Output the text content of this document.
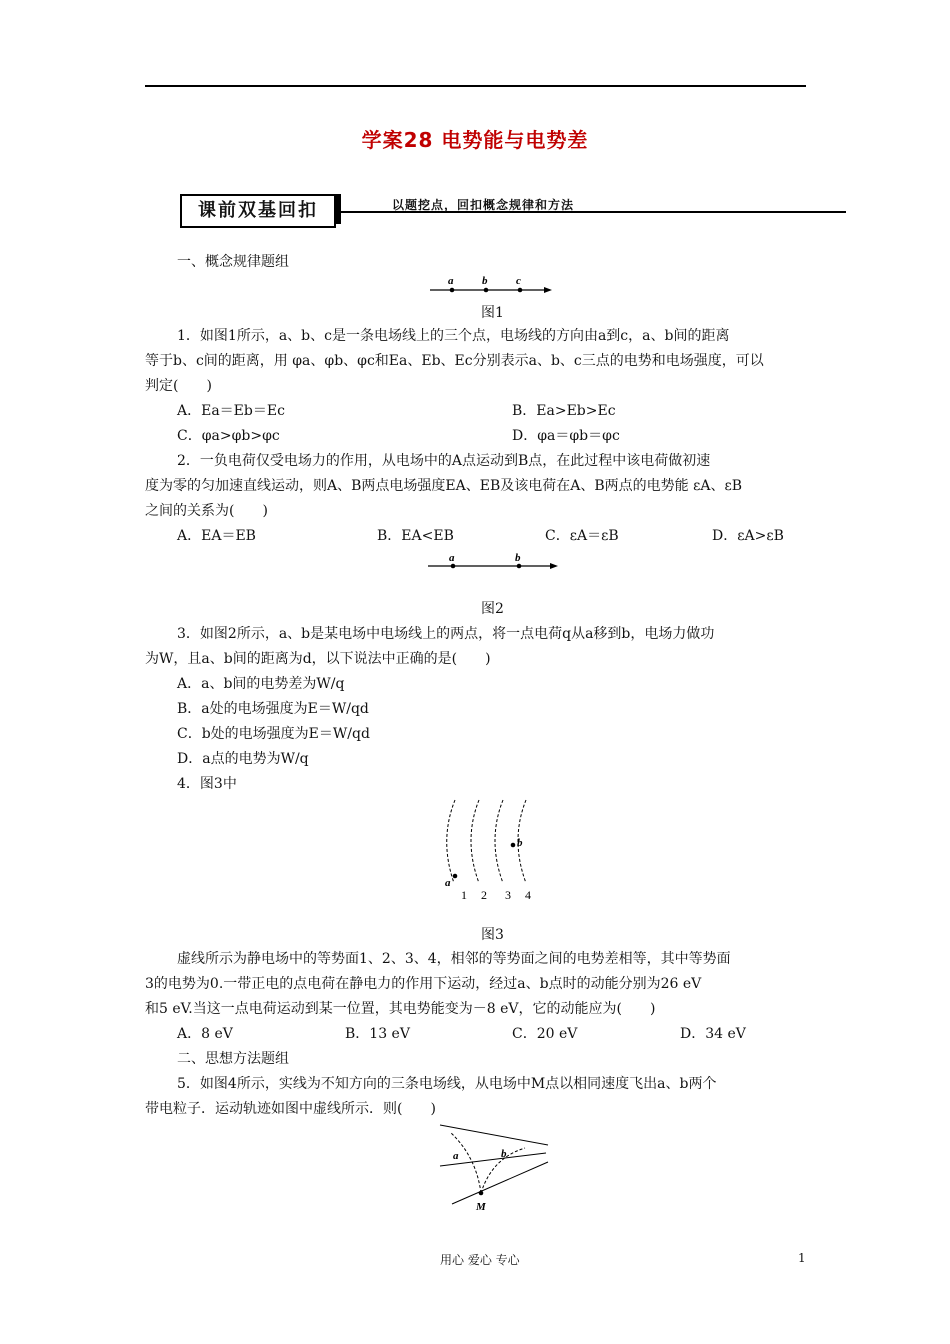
学案28 电势能与电势差
课前双基回扣	以题挖点，回扣概念规律和方法
一、概念规律题组
a	b	c
图1
1．如图1所示，a、b、c是一条电场线上的三个点，电场线的方向由a到c，a、b间的距离
等于b、c间的距离，用 φa、φb、φc和Ea、Eb、Ec分别表示a、b、c三点的电势和电场强度，可以
判定(　　)
A．Ea＝Eb＝Ec	B．Ea>Eb>Ec
C．φa>φb>φc	D．φa＝φb＝φc
2．一负电荷仅受电场力的作用，从电场中的A点运动到B点，在此过程中该电荷做初速
度为零的匀加速直线运动，则A、B两点电场强度EA、EB及该电荷在A、B两点的电势能 εA、εB
之间的关系为(　　)
A．EA＝EB	B．EA<EB	C．εA＝εB	D．εA>εB
a	b
图2
3．如图2所示，a、b是某电场中电场线上的两点，将一点电荷q从a移到b，电场力做功
为W，且a、b间的距离为d，以下说法中正确的是(　　)
A．a、b间的电势差为W/q
B．a处的电场强度为E＝W/qd
C．b处的电场强度为E＝W/qd
D．a点的电势为W/q
4．图3中
a
b
1 2 3 4
图3
虚线所示为静电场中的等势面1、2、3、4，相邻的等势面之间的电势差相等，其中等势面
3的电势为0.一带正电的点电荷在静电力的作用下运动，经过a、b点时的动能分别为26 eV
和5 eV.当这一点电荷运动到某一位置，其电势能变为－8 eV，它的动能应为(　　)
A．8 eV	B．13 eV	C．20 eV	D．34 eV
二、思想方法题组
5．如图4所示，实线为不知方向的三条电场线，从电场中M点以相同速度飞出a、b两个
带电粒子．运动轨迹如图中虚线所示．则(　　)
a	b
M
用心 爱心 专心	1
